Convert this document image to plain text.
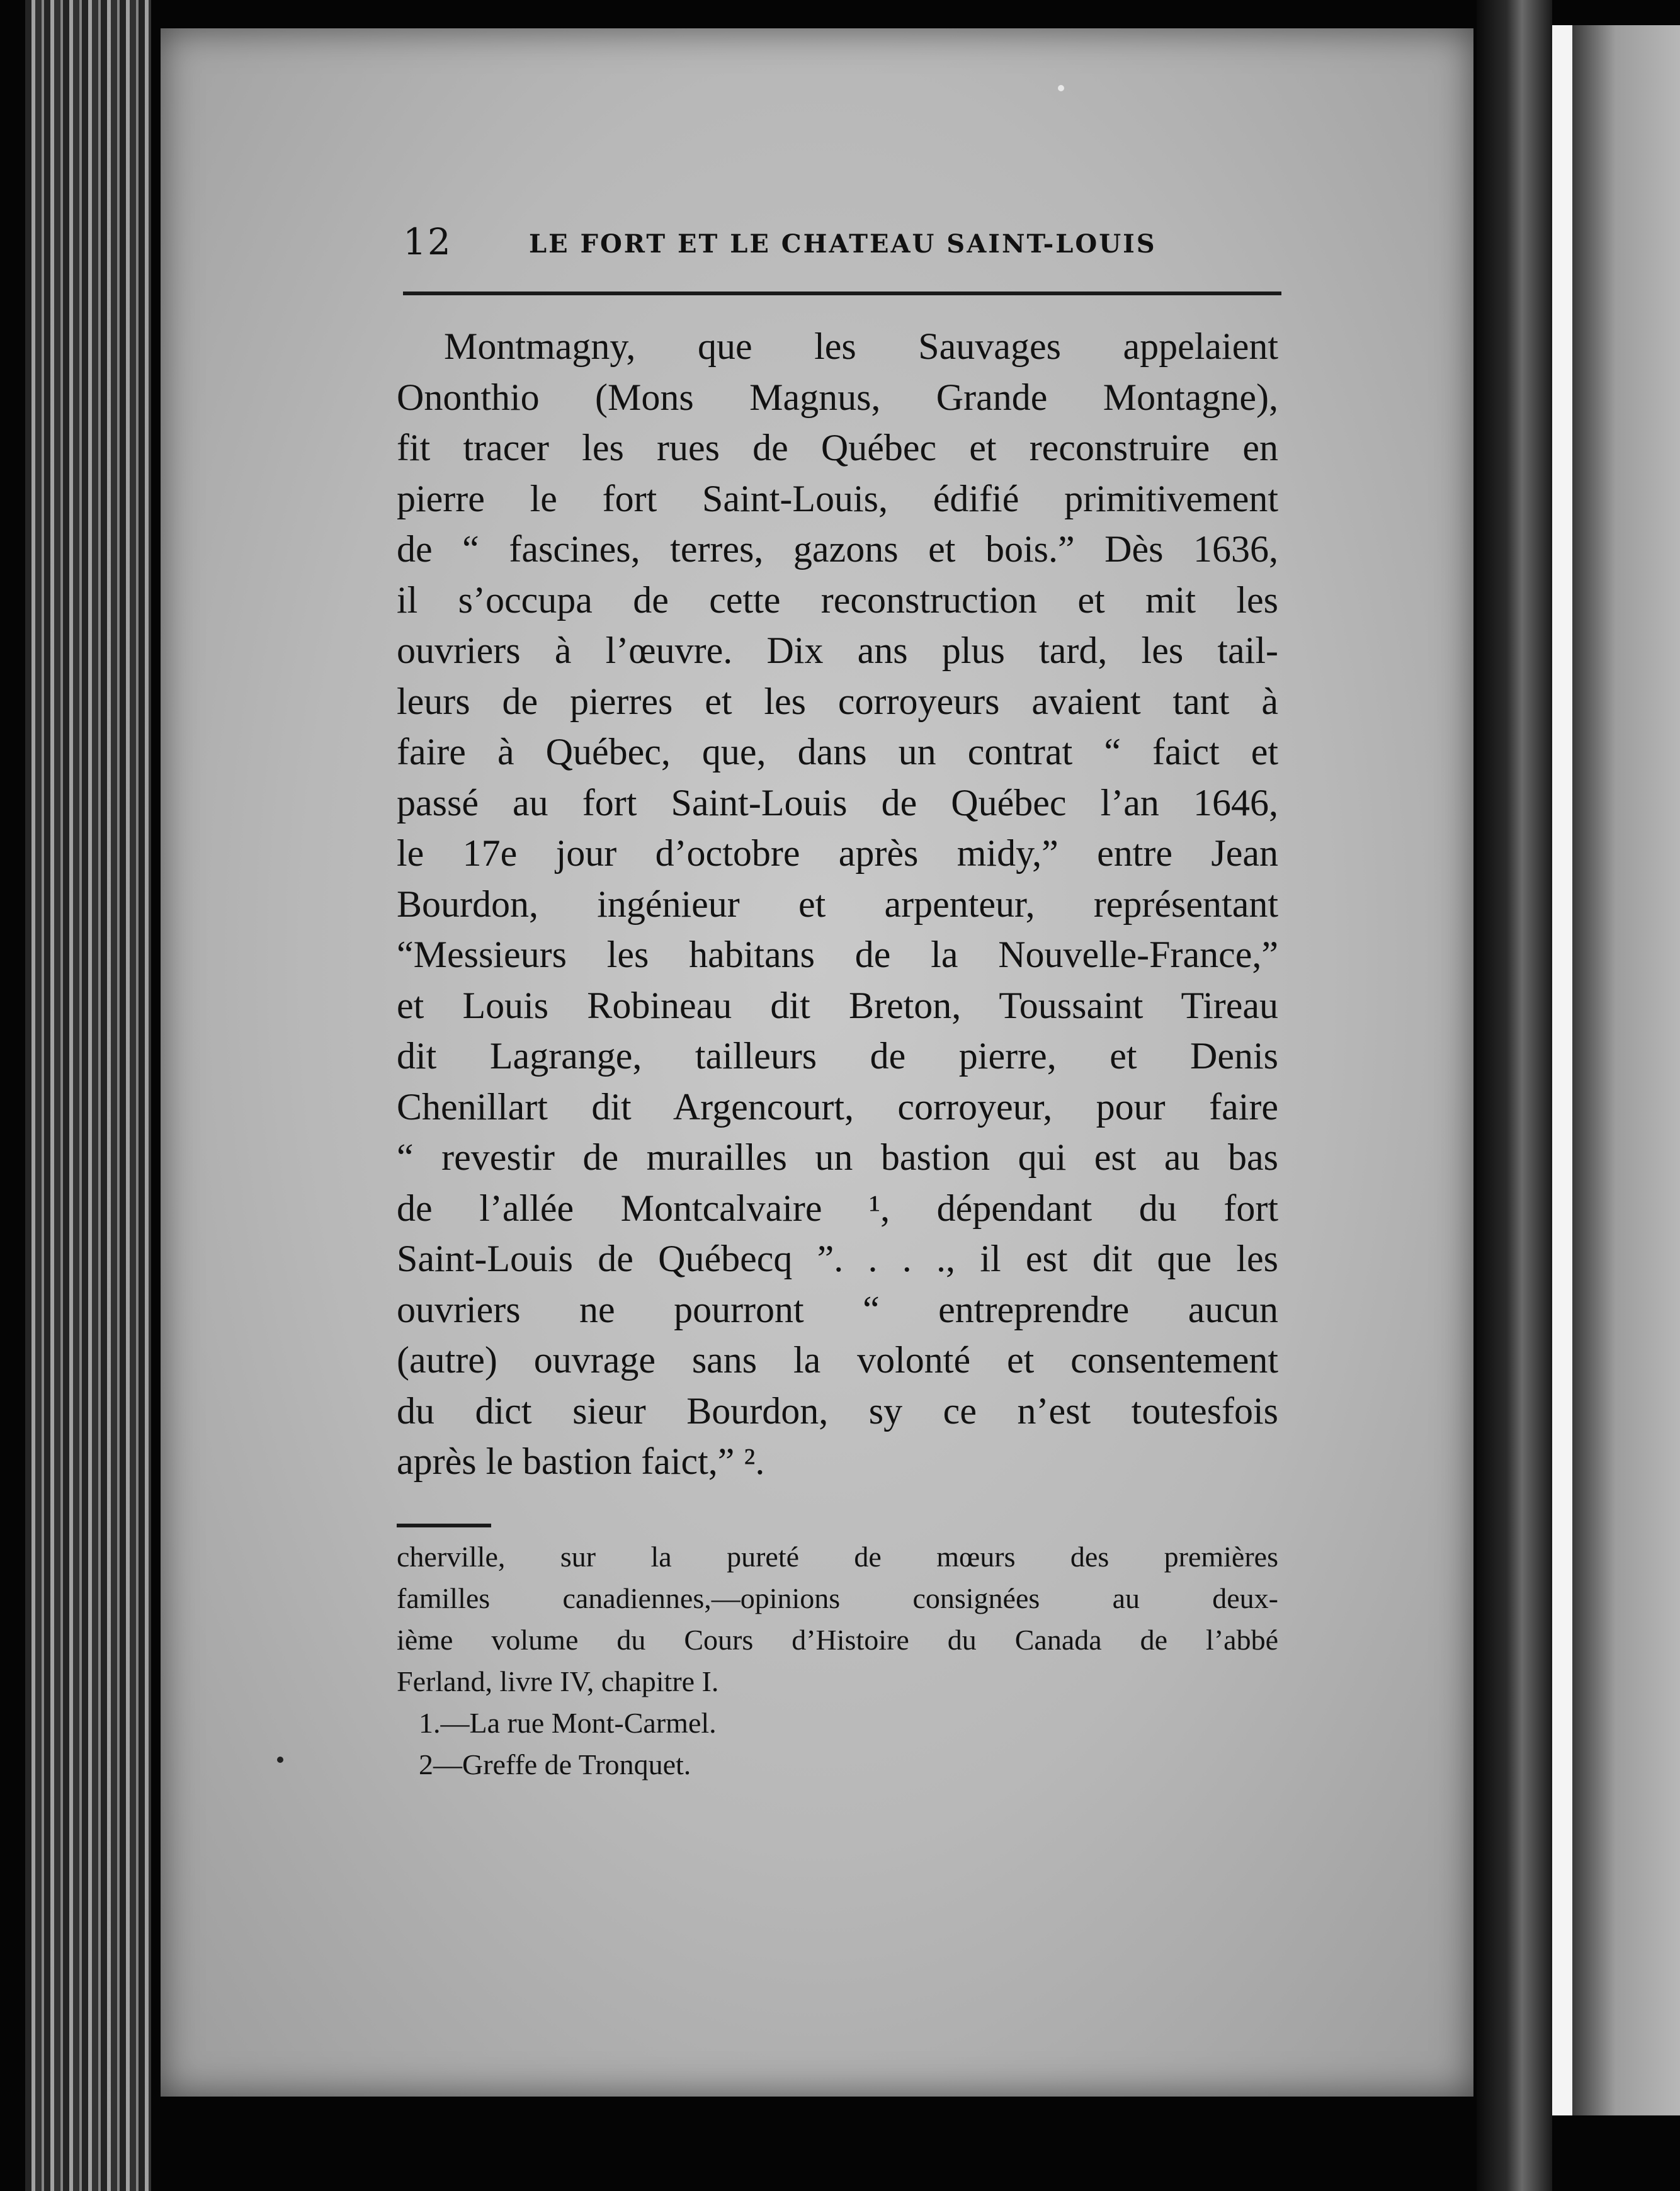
12	LE FORT ET LE CHATEAU SAINT-LOUIS
Montmagny, que les Sauvages appelaient
Ononthio (Mons Magnus, Grande Montagne),
fit tracer les rues de Québec et reconstruire en
pierre le fort Saint-Louis, édifié primitivement
de “ fascines, terres, gazons et bois.” Dès 1636,
il s’occupa de cette reconstruction et mit les
ouvriers à l’œuvre. Dix ans plus tard, les tail-
leurs de pierres et les corroyeurs avaient tant à
faire à Québec, que, dans un contrat “ faict et
passé au fort Saint-Louis de Québec l’an 1646,
le 17e jour d’octobre après midy,” entre Jean
Bourdon, ingénieur et arpenteur, représentant
“Messieurs les habitans de la Nouvelle-France,”
et Louis Robineau dit Breton, Toussaint Tireau
dit Lagrange, tailleurs de pierre, et Denis
Chenillart dit Argencourt, corroyeur, pour faire
“ revestir de murailles un bastion qui est au bas
de l’allée Montcalvaire ¹, dépendant du fort
Saint-Louis de Québecq ”. . . ., il est dit que les
ouvriers ne pourront “ entreprendre aucun
(autre) ouvrage sans la volonté et consentement
du dict sieur Bourdon, sy ce n’est toutesfois
après le bastion faict,” ².
cherville, sur la pureté de mœurs des premières
familles canadiennes,—opinions consignées au deux-
ième volume du Cours d’Histoire du Canada de l’abbé
Ferland, livre IV, chapitre I.
1.—La rue Mont-Carmel.
2—Greffe de Tronquet.
